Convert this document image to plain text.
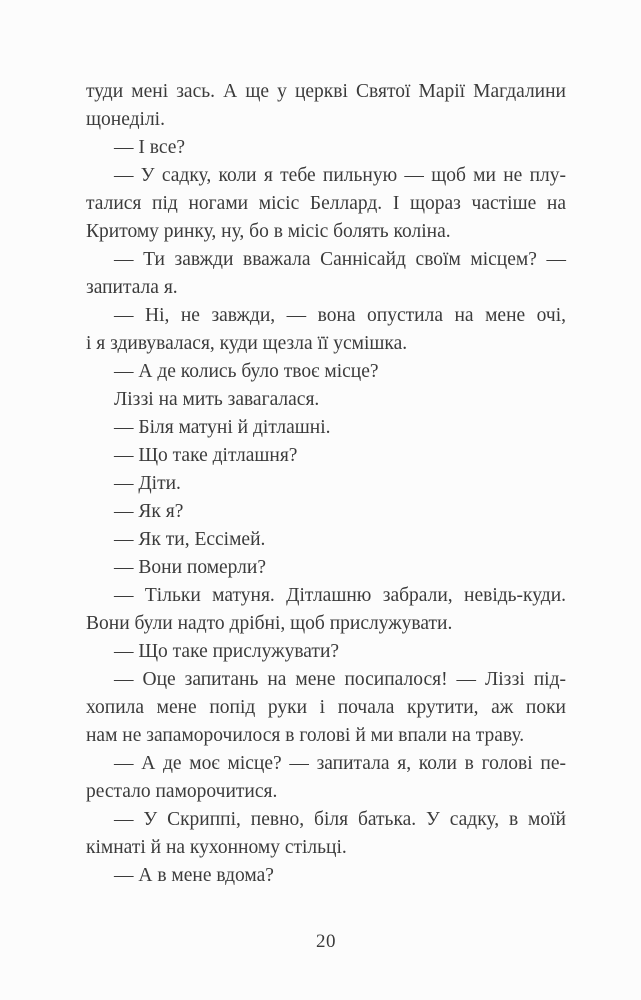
туди мені зась. А ще у церкві Святої Марії Магдалини
щонеділі.
— І все?
— У садку, коли я тебе пильную — щоб ми не плу-
талися під ногами місіс Беллард. І щораз частіше на
Критому ринку, ну, бо в місіс болять коліна.
— Ти завжди вважала Саннісайд своїм місцем? —
запитала я.
— Ні, не завжди, — вона опустила на мене очі,
і я здивувалася, куди щезла її усмішка.
— А де колись було твоє місце?
Ліззі на мить завагалася.
— Біля матуні й дітлашні.
— Що таке дітлашня?
— Діти.
— Як я?
— Як ти, Ессімей.
— Вони померли?
— Тільки матуня. Дітлашню забрали, невідь-куди.
Вони були надто дрібні, щоб прислужувати.
— Що таке прислужувати?
— Оце запитань на мене посипалося! — Ліззі під-
хопила мене попід руки і почала крутити, аж поки
нам не запаморочилося в голові й ми впали на траву.
— А де моє місце? — запитала я, коли в голові пе-
рестало паморочитися.
— У Скриппі, певно, біля батька. У садку, в моїй
кімнаті й на кухонному стільці.
— А в мене вдома?
20
